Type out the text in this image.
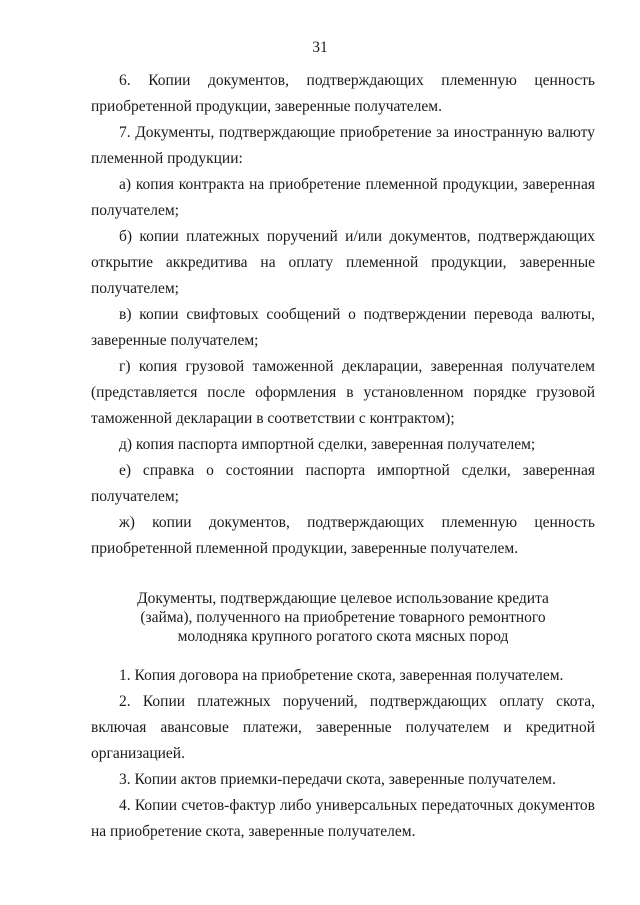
31

6. Копии документов, подтверждающих племенную ценность приобретенной продукции, заверенные получателем.

7. Документы, подтверждающие приобретение за иностранную валюту племенной продукции:

а) копия контракта на приобретение племенной продукции, заверенная получателем;

б) копии платежных поручений и/или документов, подтверждающих открытие аккредитива на оплату племенной продукции, заверенные получателем;

в) копии свифтовых сообщений о подтверждении перевода валюты, заверенные получателем;

г) копия грузовой таможенной декларации, заверенная получателем (представляется после оформления в установленном порядке грузовой таможенной декларации в соответствии с контрактом);

д) копия паспорта импортной сделки, заверенная получателем;

е) справка о состоянии паспорта импортной сделки, заверенная получателем;

ж) копии документов, подтверждающих племенную ценность приобретенной племенной продукции, заверенные получателем.

Документы, подтверждающие целевое использование кредита
(займа), полученного на приобретение товарного ремонтного
молодняка крупного рогатого скота мясных пород

1. Копия договора на приобретение скота, заверенная получателем.

2. Копии платежных поручений, подтверждающих оплату скота, включая авансовые платежи, заверенные получателем и кредитной организацией.

3. Копии актов приемки-передачи скота, заверенные получателем.

4. Копии счетов-фактур либо универсальных передаточных документов на приобретение скота, заверенные получателем.
